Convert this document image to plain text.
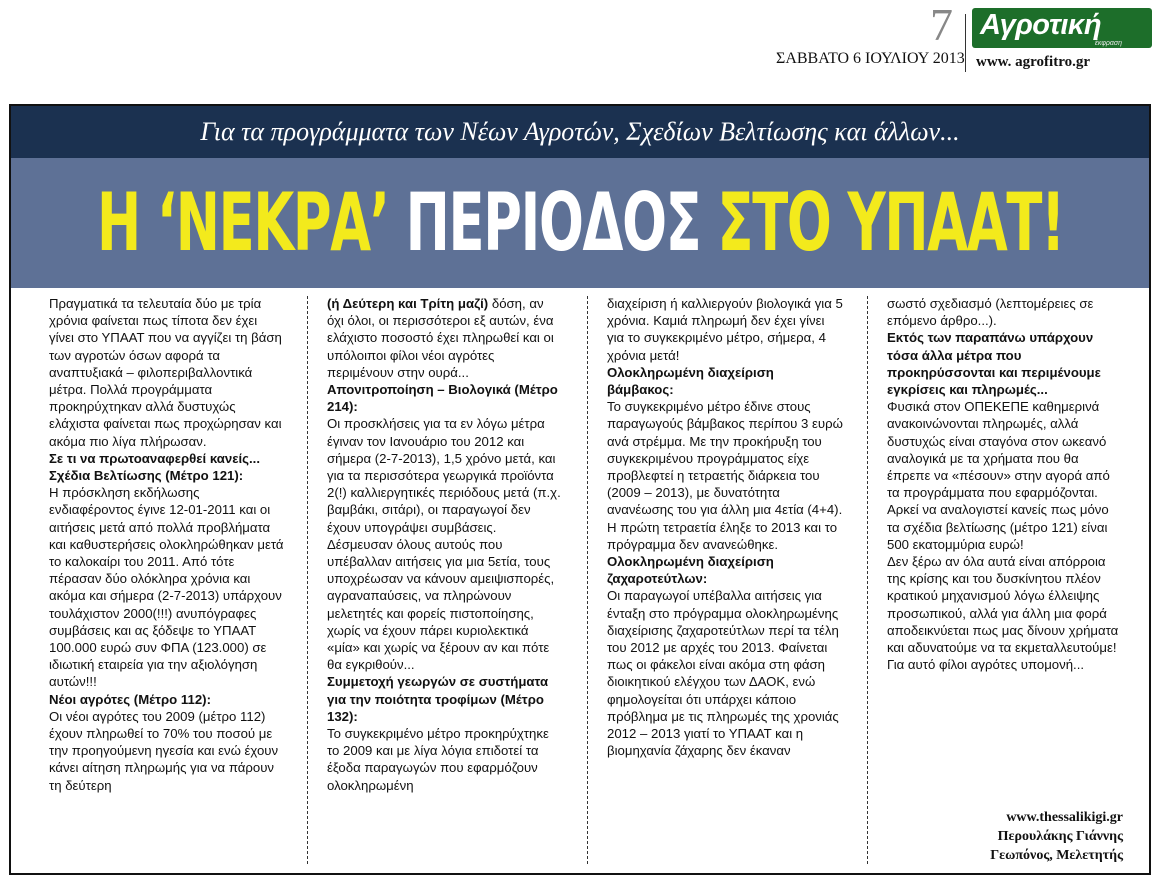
7
ΣΑΒΒΑΤΟ 6 ΙΟΥΛΙΟΥ 2013
Αγροτική
έκφραση
www. agrofitro.gr
Για τα προγράμματα των Νέων Αγροτών, Σχεδίων Βελτίωσης και άλλων...
Η ‘ΝΕΚΡΑ’ ΠΕΡΙΟΔΟΣ ΣΤΟ ΥΠΑΑΤ!

Πραγματικά τα τελευταία δύο με τρία χρόνια φαίνεται πως τίποτα δεν έχει γίνει στο ΥΠΑΑΤ που να αγγίζει τη βάση των αγροτών όσων αφορά τα αναπτυξιακά – φιλοπεριβαλλοντικά μέτρα. Πολλά προγράμματα προκηρύχτηκαν αλλά δυστυχώς ελάχιστα φαίνεται πως προχώρησαν και ακόμα πιο λίγα πλήρωσαν.

Σε τι να πρωτοαναφερθεί κανείς...

Σχέδια Βελτίωσης (Μέτρο 121):

Η πρόσκληση εκδήλωσης ενδιαφέροντος έγινε 12-01-2011 και οι αιτήσεις μετά από πολλά προβλήματα και καθυστερήσεις ολοκληρώθηκαν μετά το καλοκαίρι του 2011. Από τότε πέρασαν δύο ολόκληρα χρόνια και ακόμα και σήμερα (2-7-2013) υπάρχουν τουλάχιστον 2000(!!!) ανυπόγραφες συμβάσεις και ας ξόδεψε το ΥΠΑΑΤ 100.000 ευρώ συν ΦΠΑ (123.000) σε ιδιωτική εταιρεία για την αξιολόγηση αυτών!!!

Νέοι αγρότες (Μέτρο 112):

Οι νέοι αγρότες του 2009 (μέτρο 112) έχουν πληρωθεί το 70% του ποσού με την προηγούμενη ηγεσία και ενώ έχουν κάνει αίτηση πληρωμής για να πάρουν τη δεύτερη

(ή Δεύτερη και Τρίτη μαζί) δόση, αν όχι όλοι, οι περισσότεροι εξ αυτών, ένα ελάχιστο ποσοστό έχει πληρωθεί και οι υπόλοιποι φίλοι νέοι αγρότες περιμένουν στην ουρά...

Απονιτροποίηση – Βιολογικά (Μέτρο 214):

Οι προσκλήσεις για τα εν λόγω μέτρα έγιναν τον Ιανουάριο του 2012 και σήμερα (2-7-2013), 1,5 χρόνο μετά, και για τα περισσότερα γεωργικά προϊόντα 2(!) καλλιεργητικές περιόδους μετά (π.χ. βαμβάκι, σιτάρι), οι παραγωγοί δεν έχουν υπογράψει συμβάσεις. Δέσμευσαν όλους αυτούς που υπέβαλλαν αιτήσεις για μια 5ετία, τους υποχρέωσαν να κάνουν αμειψισπορές, αγραναπαύσεις, να πληρώνουν μελετητές και φορείς πιστοποίησης, χωρίς να έχουν πάρει κυριολεκτικά «μία» και χωρίς να ξέρουν αν και πότε θα εγκριθούν...

Συμμετοχή γεωργών σε συστήματα για την ποιότητα τροφίμων (Μέτρο 132):

Το συγκεκριμένο μέτρο προκηρύχτηκε το 2009 και με λίγα λόγια επιδοτεί τα έξοδα παραγωγών που εφαρμόζουν ολοκληρωμένη

διαχείριση ή καλλιεργούν βιολογικά για 5 χρόνια. Καμιά πληρωμή δεν έχει γίνει για το συγκεκριμένο μέτρο, σήμερα, 4 χρόνια μετά!

Ολοκληρωμένη διαχείριση βάμβακος:

Το συγκεκριμένο μέτρο έδινε στους παραγωγούς βάμβακος περίπου 3 ευρώ ανά στρέμμα. Με την προκήρυξη του συγκεκριμένου προγράμματος είχε προβλεφτεί η τετραετής διάρκεια του (2009 – 2013), με δυνατότητα ανανέωσης του για άλλη μια 4ετία (4+4). Η πρώτη τετραετία έληξε το 2013 και το πρόγραμμα δεν ανανεώθηκε.

Ολοκληρωμένη διαχείριση ζαχαροτεύτλων:

Οι παραγωγοί υπέβαλλα αιτήσεις για ένταξη στο πρόγραμμα ολοκληρωμένης διαχείρισης ζαχαροτεύτλων περί τα τέλη του 2012 με αρχές του 2013. Φαίνεται πως οι φάκελοι είναι ακόμα στη φάση διοικητικού ελέγχου των ΔΑΟΚ, ενώ φημολογείται ότι υπάρχει κάποιο πρόβλημα με τις πληρωμές της χρονιάς 2012 – 2013 γιατί το ΥΠΑΑΤ και η βιομηχανία ζάχαρης δεν έκαναν

σωστό σχεδιασμό (λεπτομέρειες σε επόμενο άρθρο...).

Εκτός των παραπάνω υπάρχουν τόσα άλλα μέτρα που προκηρύσσονται και περιμένουμε εγκρίσεις και πληρωμές...

Φυσικά στον ΟΠΕΚΕΠΕ καθημερινά ανακοινώνονται πληρωμές, αλλά δυστυχώς είναι σταγόνα στον ωκεανό αναλογικά με τα χρήματα που θα έπρεπε να «πέσουν» στην αγορά από τα προγράμματα που εφαρμόζονται. Αρκεί να αναλογιστεί κανείς πως μόνο τα σχέδια βελτίωσης (μέτρο 121) είναι 500 εκατομμύρια ευρώ!

Δεν ξέρω αν όλα αυτά είναι απόρροια της κρίσης και του δυσκίνητου πλέον κρατικού μηχανισμού λόγω έλλειψης προσωπικού, αλλά για άλλη μια φορά αποδεικνύεται πως μας δίνουν χρήματα και αδυνατούμε να τα εκμεταλλευτούμε!

Για αυτό φίλοι αγρότες υπομονή...

www.thessalikigi.gr
Περουλάκης Γιάννης
Γεωπόνος, Μελετητής
